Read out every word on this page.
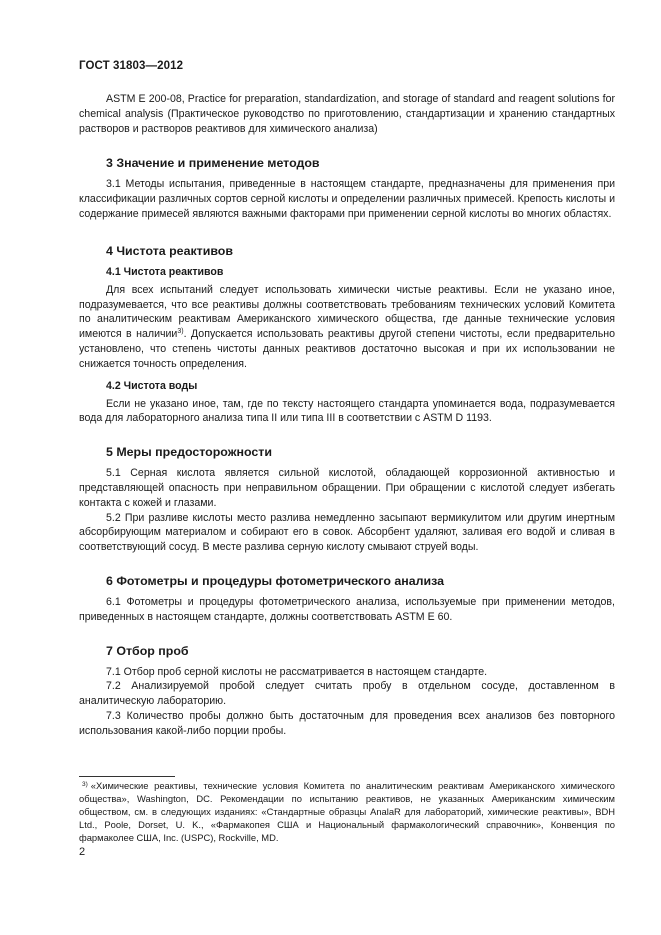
ГОСТ 31803—2012

ASTM E 200-08, Practice for preparation, standardization, and storage of standard and reagent solutions for chemical analysis (Практическое руководство по приготовлению, стандартизации и хранению стандартных растворов и растворов реактивов для химического анализа)

3 Значение и применение методов

3.1 Методы испытания, приведенные в настоящем стандарте, предназначены для применения при классификации различных сортов серной кислоты и определении различных примесей. Крепость кислоты и содержание примесей являются важными факторами при применении серной кислоты во многих областях.

4 Чистота реактивов
4.1 Чистота реактивов

Для всех испытаний следует использовать химически чистые реактивы. Если не указано иное, подразумевается, что все реактивы должны соответствовать требованиям технических условий Комитета по аналитическим реактивам Американского химического общества, где данные технические условия имеются в наличии$^{3)}$. Допускается использовать реактивы другой степени чистоты, если предварительно установлено, что степень чистоты данных реактивов достаточно высокая и при их использовании не снижается точность определения.

4.2 Чистота воды

Если не указано иное, там, где по тексту настоящего стандарта упоминается вода, подразумевается вода для лабораторного анализа типа II или типа III в соответствии с ASTM D 1193.

5 Меры предосторожности

5.1 Серная кислота является сильной кислотой, обладающей коррозионной активностью и представляющей опасность при неправильном обращении. При обращении с кислотой следует избегать контакта с кожей и глазами.

5.2 При разливе кислоты место разлива немедленно засыпают вермикулитом или другим инертным абсорбирующим материалом и собирают его в совок. Абсорбент удаляют, заливая его водой и сливая в соответствующий сосуд. В месте разлива серную кислоту смывают струей воды.

6 Фотометры и процедуры фотометрического анализа

6.1 Фотометры и процедуры фотометрического анализа, используемые при применении методов, приведенных в настоящем стандарте, должны соответствовать ASTM E 60.

7 Отбор проб

7.1 Отбор проб серной кислоты не рассматривается в настоящем стандарте.

7.2 Анализируемой пробой следует считать пробу в отдельном сосуде, доставленном в аналитическую лабораторию.

7.3 Количество пробы должно быть достаточным для проведения всех анализов без повторного использования какой-либо порции пробы.

$^{3)}$ «Химические реактивы, технические условия Комитета по аналитическим реактивам Американского химического общества», Washington, DC. Рекомендации по испытанию реактивов, не указанных Американским химическим обществом, см. в следующих изданиях: «Стандартные образцы AnalaR для лабораторий, химические реактивы», BDH Ltd., Poole, Dorset, U. K., «Фармакопея США и Национальный фармакологический справочник», Конвенция по фармаколее США, Inc. (USPC), Rockville, MD.

2
